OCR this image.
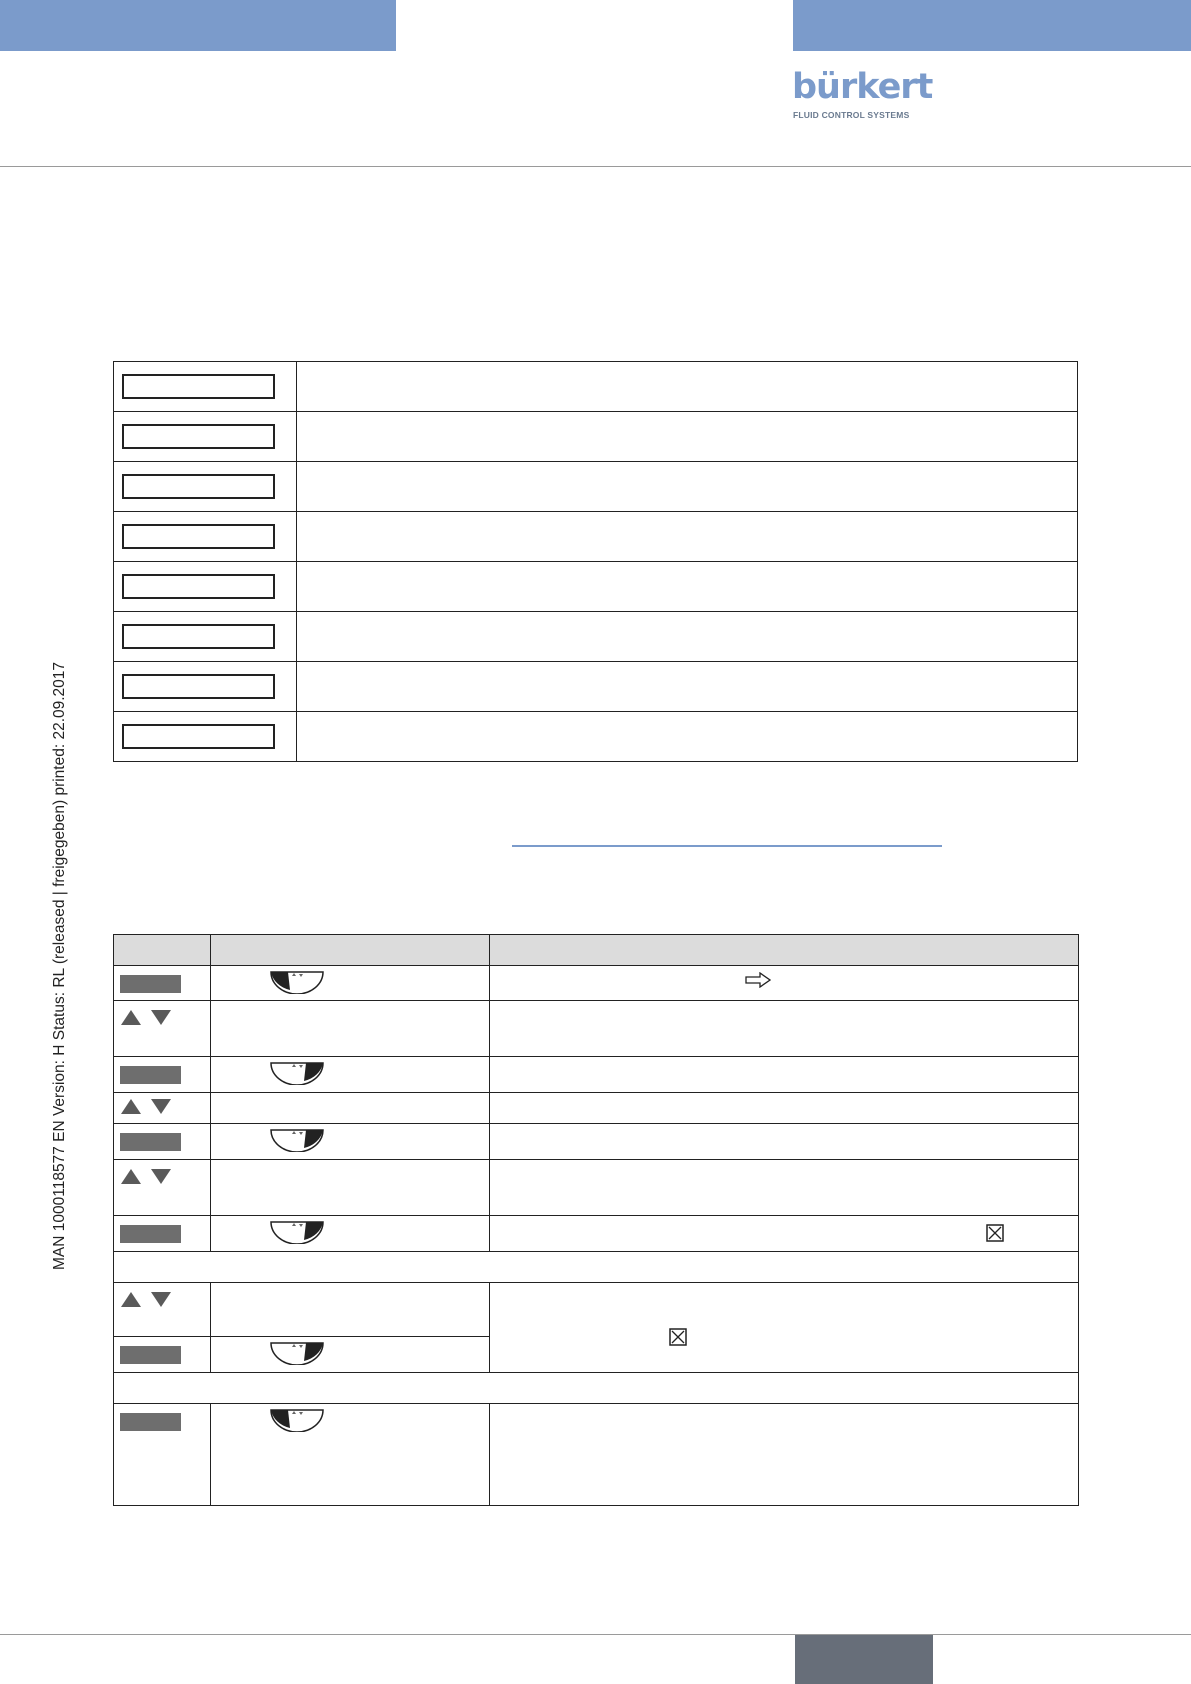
bürkert
FLUID CONTROL SYSTEMS
MAN 1000118577 EN Version: H Status: RL (released | freigegeben) printed: 22.09.2017
